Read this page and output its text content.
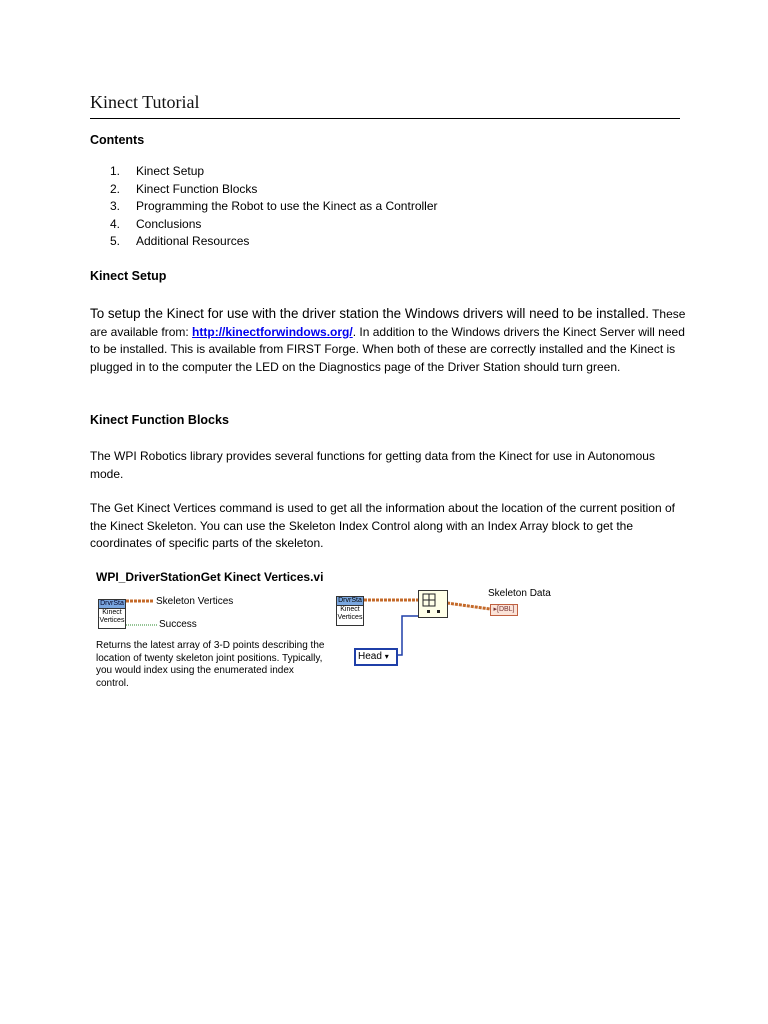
Kinect Tutorial
Contents
1.	Kinect Setup
2.	Kinect Function Blocks
3.	Programming the Robot to use the Kinect as a Controller
4.	Conclusions
5.	Additional Resources
Kinect Setup
To setup the Kinect for use with the driver station the Windows drivers will need to be installed. These are available from: http://kinectforwindows.org/. In addition to the Windows drivers the Kinect Server will need to be installed. This is available from FIRST Forge. When both of these are correctly installed and the Kinect is plugged in to the computer the LED on the Diagnostics page of the Driver Station should turn green.
Kinect Function Blocks
The WPI Robotics library provides several functions for getting data from the Kinect for use in Autonomous mode.
The Get Kinect Vertices command is used to get all the information about the location of the current position of the Kinect Skeleton. You can use the Skeleton Index Control along with an Index Array block to get the coordinates of specific parts of the skeleton.
WPI_DriverStationGet Kinect Vertices.vi
DrvrSta
Kinect Vertices
Skeleton Vertices
Success
Returns the latest array of 3-D points describing the location of twenty skeleton joint positions. Typically, you would index using the enumerated index control.
DrvrSta
Kinect Vertices
Skeleton Data
▸[DBL]
Head ▾
